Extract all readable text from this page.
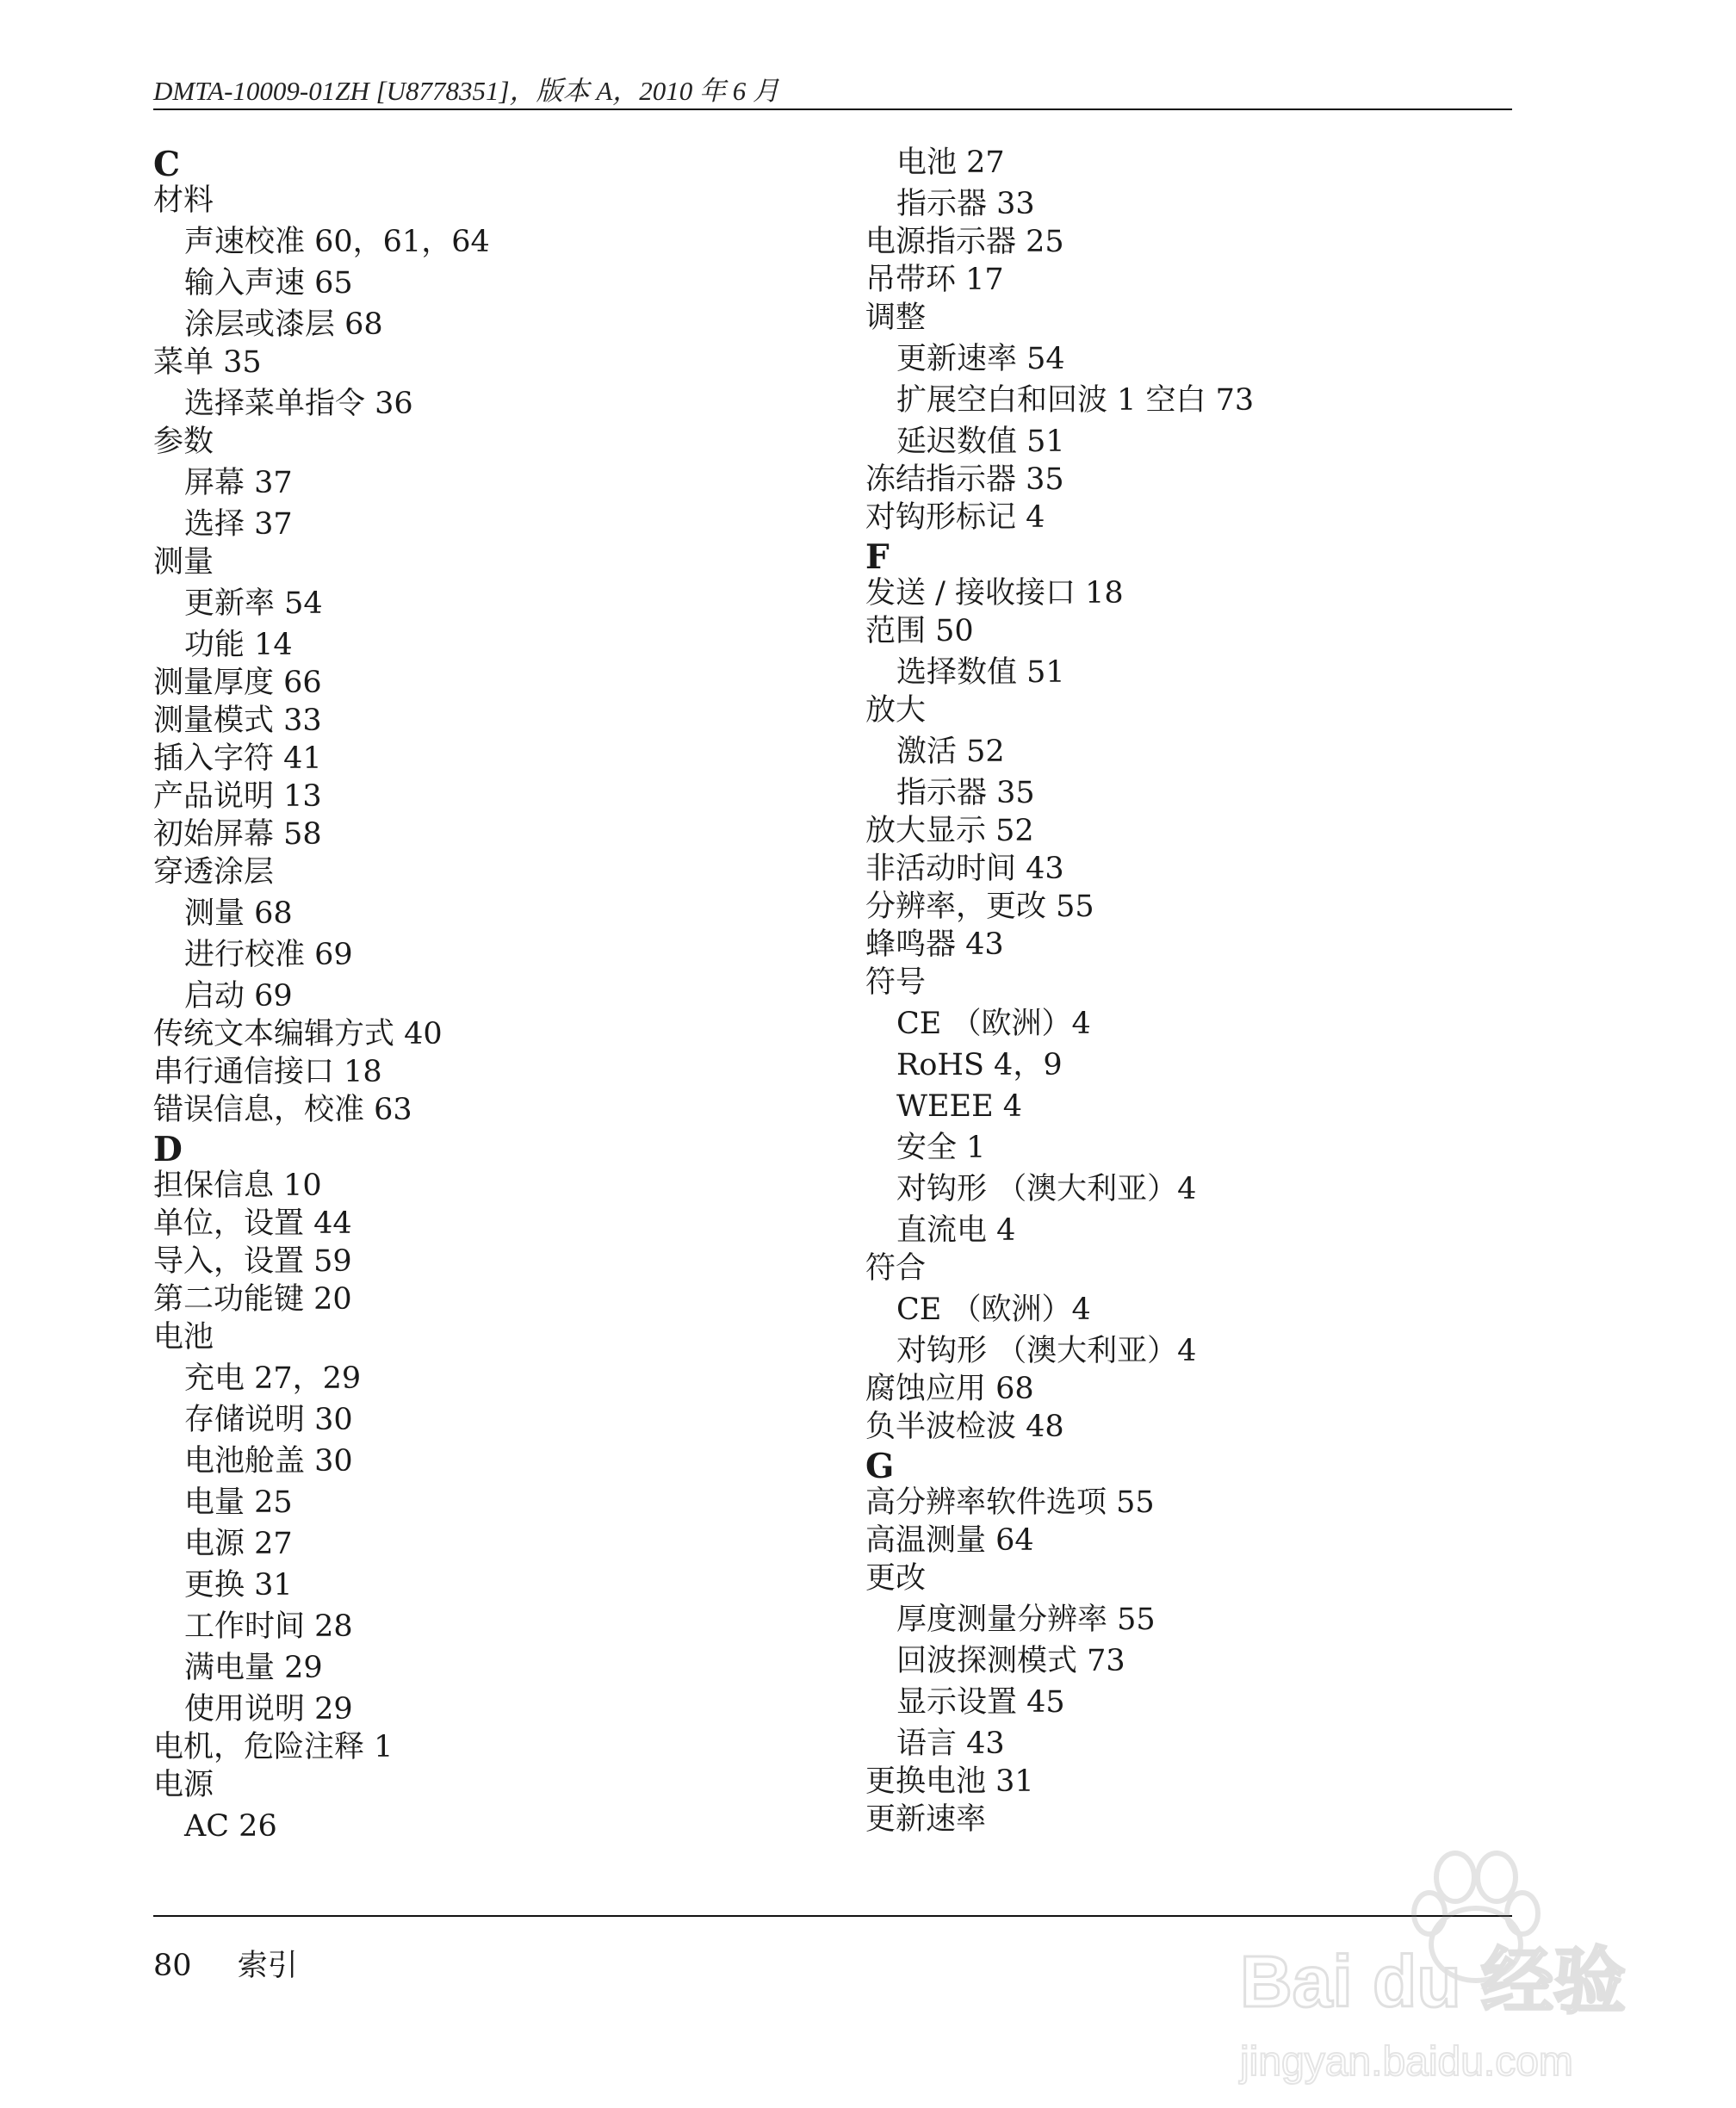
DMTA-10009-01ZH [U8778351]，版本 A，2010 年 6 月
C
材料
声速校准 60，61，64
输入声速 65
涂层或漆层 68
菜单 35
选择菜单指令 36
参数
屏幕 37
选择 37
测量
更新率 54
功能 14
测量厚度 66
测量模式 33
插入字符 41
产品说明 13
初始屏幕 58
穿透涂层
测量 68
进行校准 69
启动 69
传统文本编辑方式 40
串行通信接口 18
错误信息，校准 63
D
担保信息 10
单位，设置 44
导入，设置 59
第二功能键 20
电池
充电 27，29
存储说明 30
电池舱盖 30
电量 25
电源 27
更换 31
工作时间 28
满电量 29
使用说明 29
电机，危险注释 1
电源
AC 26
电池 27
指示器 33
电源指示器 25
吊带环 17
调整
更新速率 54
扩展空白和回波 1 空白 73
延迟数值 51
冻结指示器 35
对钩形标记 4
F
发送 / 接收接口 18
范围 50
选择数值 51
放大
激活 52
指示器 35
放大显示 52
非活动时间 43
分辨率，更改 55
蜂鸣器 43
符号
CE （欧洲）4
RoHS 4，9
WEEE 4
安全 1
对钩形 （澳大利亚）4
直流电 4
符合
CE （欧洲）4
对钩形 （澳大利亚）4
腐蚀应用 68
负半波检波 48
G
高分辨率软件选项 55
高温测量 64
更改
厚度测量分辨率 55
回波探测模式 73
显示设置 45
语言 43
更换电池 31
更新速率
80 索引	Bai du 经验
jingyan.baidu.com
